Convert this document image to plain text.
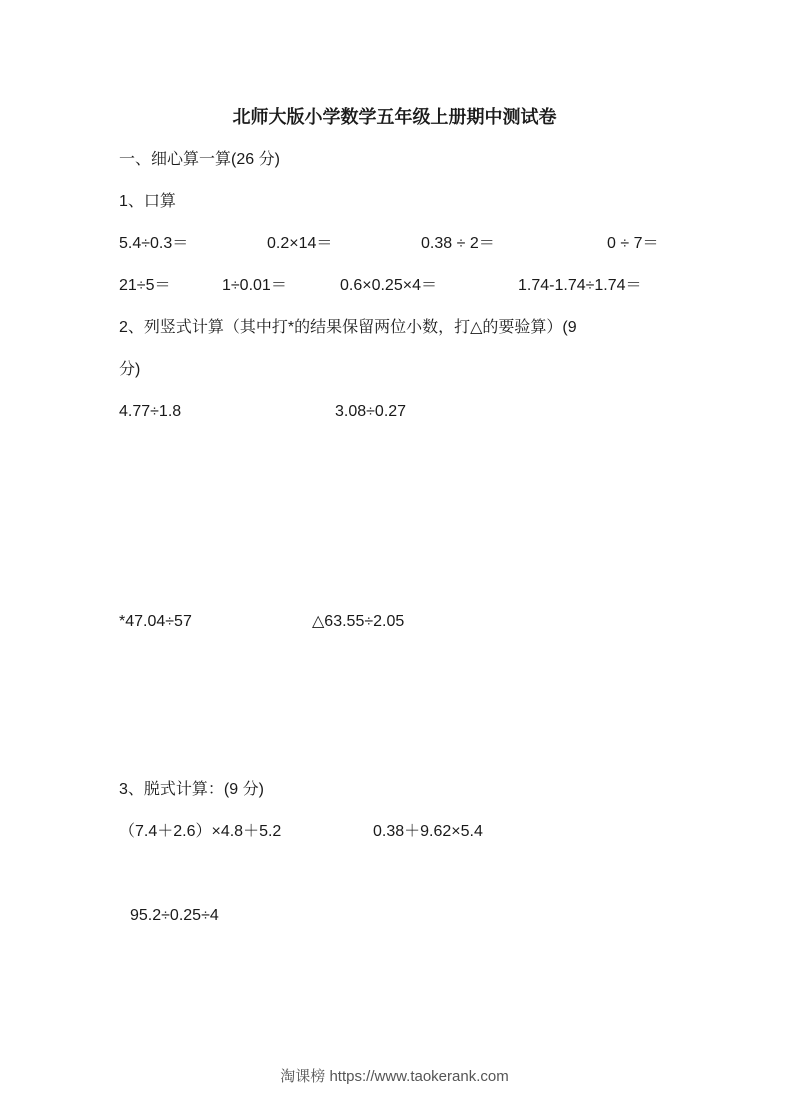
北师大版小学数学五年级上册期中测试卷
一、细心算一算(26 分)
1、口算
5.4÷0.3＝	0.2×14＝	0.38 ÷ 2＝	0 ÷ 7＝
21÷5＝	1÷0.01＝	0.6×0.25×4＝	1.74-1.74÷1.74＝
2、列竖式计算（其中打*的结果保留两位小数，打△的要验算）(9
分)
4.77÷1.8	3.08÷0.27
*47.04÷57	△63.55÷2.05
3、脱式计算：(9 分)
（7.4＋2.6）×4.8＋5.2	0.38＋9.62×5.4
95.2÷0.25÷4
淘课榜 https://www.taokerank.com
